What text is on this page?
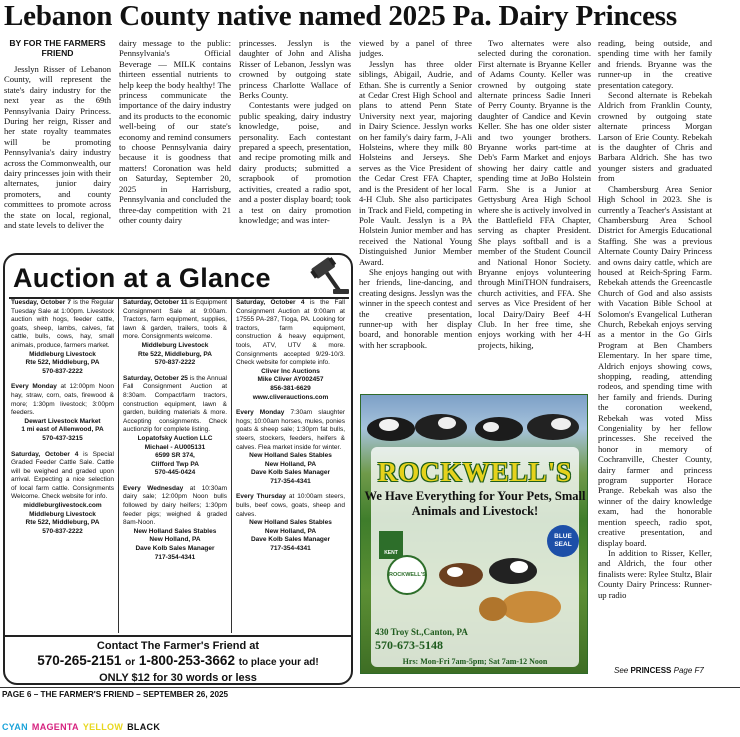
Lebanon County native named 2025 Pa. Dairy Princess

BY FOR THE FARMERS FRIEND

Jesslyn Risser of Lebanon County, will represent the state's dairy industry for the next year as the 69th Pennsylvania Dairy Princess. During her reign, Risser and her state royalty teammates will be promoting Pennsylvania's dairy industry across the Commonwealth, our dairy princesses join with their alternates, junior dairy promoters, and county committees to promote across the state on local, regional, and state levels to deliver the

dairy message to the public: Pennsylvania's Official Beverage — MILK contains thirteen essential nutrients to help keep the body healthy! The princess communicate the importance of the dairy industry and its products to the economic well-being of our state's economy and remind consumers to choose Pennsylvania dairy because it is goodness that matters! Coronation was held on Saturday, September 20, 2025 in Harrisburg, Pennsylvania and concluded the three-day competition with 21 other county dairy

princesses. Jesslyn is the daughter of John and Alisha Risser of Lebanon, Jesslyn was crowned by outgoing state princess Charlotte Wallace of Berks County.

Contestants were judged on public speaking, dairy industry knowledge, poise, and personality. Each contestant prepared a speech, presentation, and recipe promoting milk and dairy products; submitted a scrapbook of promotion activities, created a radio spot, and a poster display board; took a test on dairy promotion knowledge; and was inter-

viewed by a panel of three judges.

Jesslyn has three older siblings, Abigail, Audrie, and Ethan. She is currently a Senior at Cedar Crest High School and plans to attend Penn State University next year, majoring in Dairy Science. Jesslyn works on her family's dairy farm, J-Ali Holsteins, where they milk 80 Holsteins and Jerseys. She serves as the Vice President of the Cedar Crest FFA Chapter, and is the President of her local 4-H Club. She also participates in Track and Field, competing in Pole Vault. Jesslyn is a PA Holstein Junior member and has received the National Young Distinguished Junior Member Award.

She enjoys hanging out with her friends, line-dancing, and creating designs. Jesslyn was the winner in the speech contest and the creative presentation, runner-up with her display board, and honorable mention with her scrapbook.

Two alternates were also selected during the coronation. First alternate is Bryanne Keller of Adams County. Keller was crowned by outgoing state alternate princess Sadie Inneri of Perry County. Bryanne is the daughter of Candice and Kevin Keller. She has one older sister and two younger brothers. Bryanne works part-time at Deb's Farm Market and enjoys showing her dairy cattle and spending time at JoBo Holstein Farm. She is a Junior at Gettysburg Area High School where she is actively involved in the Battlefield FFA Chapter, serving as chapter President. She plays softball and is a member of the Student Council and National Honor Society. Bryanne enjoys volunteering through MiniTHON fundraisers, church activities, and FFA. She serves as Vice President of her local Dairy/Dairy Beef 4-H Club. In her free time, she enjoys working with her 4-H projects, hiking,

reading, being outside, and spending time with her family and friends. Bryanne was the runner-up in the creative presentation category.

Second alternate is Rebekah Aldrich from Franklin County, crowned by outgoing state alternate princess Morgan Larson of Erie County. Rebekah is the daughter of Chris and Barbara Aldrich. She has two younger sisters and graduated from

Chambersburg Area Senior High School in 2023. She is currently a Teacher's Assistant at Chambersburg Area School District for Amergis Educational Staffing. She was a previous Alternate County Dairy Princess and owns dairy cattle, which are housed at Reich-Spring Farm. Rebekah attends the Greencastle Church of God and also assists with Vacation Bible School at Solomon's Evangelical Lutheran Church, Rebekah enjoys serving as a mentor in the Go Girls Program at Ben Chambers Elementary. In her spare time, Aldrich enjoys showing cows, shopping, reading, attending rodeos, and spending time with her family and friends. During the coronation weekend, Rebekah was voted Miss Congeniality by her fellow princesses. She received the honor in memory of Cochranville, Chester County, dairy farmer and princess program supporter Horace Prange. Rebekah was also the winner of the dairy knowledge exam, had the honorable mention speech, radio spot, creative presentation, and display board.

In addition to Risser, Keller, and Aldrich, the four other finalists were: Rylee Stultz, Blair County Dairy Princess: Runner-up radio

See PRINCESS Page F7
Auction at a Glance
Tuesday, October 7 is the Regular Tuesday Sale at 1:00pm. Livestock auction with hogs, feeder cattle, goats, sheep, lambs, calves, fat cattle, bulls, cows, hay, small animals, produce, farmers market.
Middleburg Livestock
Rte 522, Middleburg, PA
570-837-2222
Every Monday at 12:00pm Noon hay, straw, corn, oats, firewood & more; 1:30pm livestock; 3:00pm feeders.
Dewart Livestock Market
1 mi east of Allenwood, PA
570-437-3215
Saturday, October 4 is Special Graded Feeder Cattle Sale. Cattle will be weighed and graded upon arrival. Expecting a nice selection of local farm cattle. Consignments Welcome. Check website for info.
middleburglivestock.com
Middleburg Livestock
Rte 522, Middleburg, PA
570-837-2222
Saturday, October 11 is Equipment Consignment Sale at 9:00am. Tractors, farm equipment, supplies, lawn & garden, trailers, tools & more. Consignments welcome.
Middleburg Livestock
Rte 522, Middleburg, PA
570-837-2222
Saturday, October 25 is the Annual Fall Consignment Auction at 8:30am. Compact/farm tractors, construction equipment, lawn & garden, building materials & more. Accepting consignments. Check auctionzip for complete listing.
Lopatofsky Auction LLC
Michael - AU005131
6599 SR 374,
Clifford Twp PA
570-445-0424
Every Wednesday at 10:30am dairy sale; 12:00pm Noon bulls followed by dairy heifers; 1:30pm feeder pigs; weighed & graded 8am-Noon.
New Holland Sales Stables
New Holland, PA
Dave Kolb Sales Manager
717-354-4341
Saturday, October 4 is the Fall Consignment Auction at 9:00am at 17555 PA-287, Tioga, PA. Looking for tractors, farm equipment, construction & heavy equipment, tools, ATV, UTV & more. Consignments accepted 9/29-10/3. Check website for complete info.
Cliver Inc Auctions
Mike Cliver AY002457
856-381-6629
www.cliverauctions.com
Every Monday 7:30am slaughter hogs; 10:00am horses, mules, ponies goats & sheep sale; 1:30pm fat bulls, steers, stockers, feeders, heifers & calves. Flea market inside for winter.
New Holland Sales Stables
New Holland, PA
Dave Kolb Sales Manager
717-354-4341
Every Thursday at 10:00am steers, bulls, beef cows, goats, sheep and calves.
New Holland Sales Stables
New Holland, PA
Dave Kolb Sales Manager
717-354-4341
Contact The Farmer's Friend at
570-265-2151 or 1-800-253-3662 to place your ad!
ONLY $12 for 30 words or less
ROCKWELL'S
We Have Everything for Your Pets, Small Animals and Livestock!
KENT
ROCKWELL'S
BLUE SEAL
430 Troy St.,Canton, PA
570-673-5148
Hrs: Mon-Fri 7am-5pm; Sat 7am-12 Noon
PAGE 6 – THE FARMER'S FRIEND – SEPTEMBER 26, 2025
CYAN MAGENTA YELLOW BLACK
